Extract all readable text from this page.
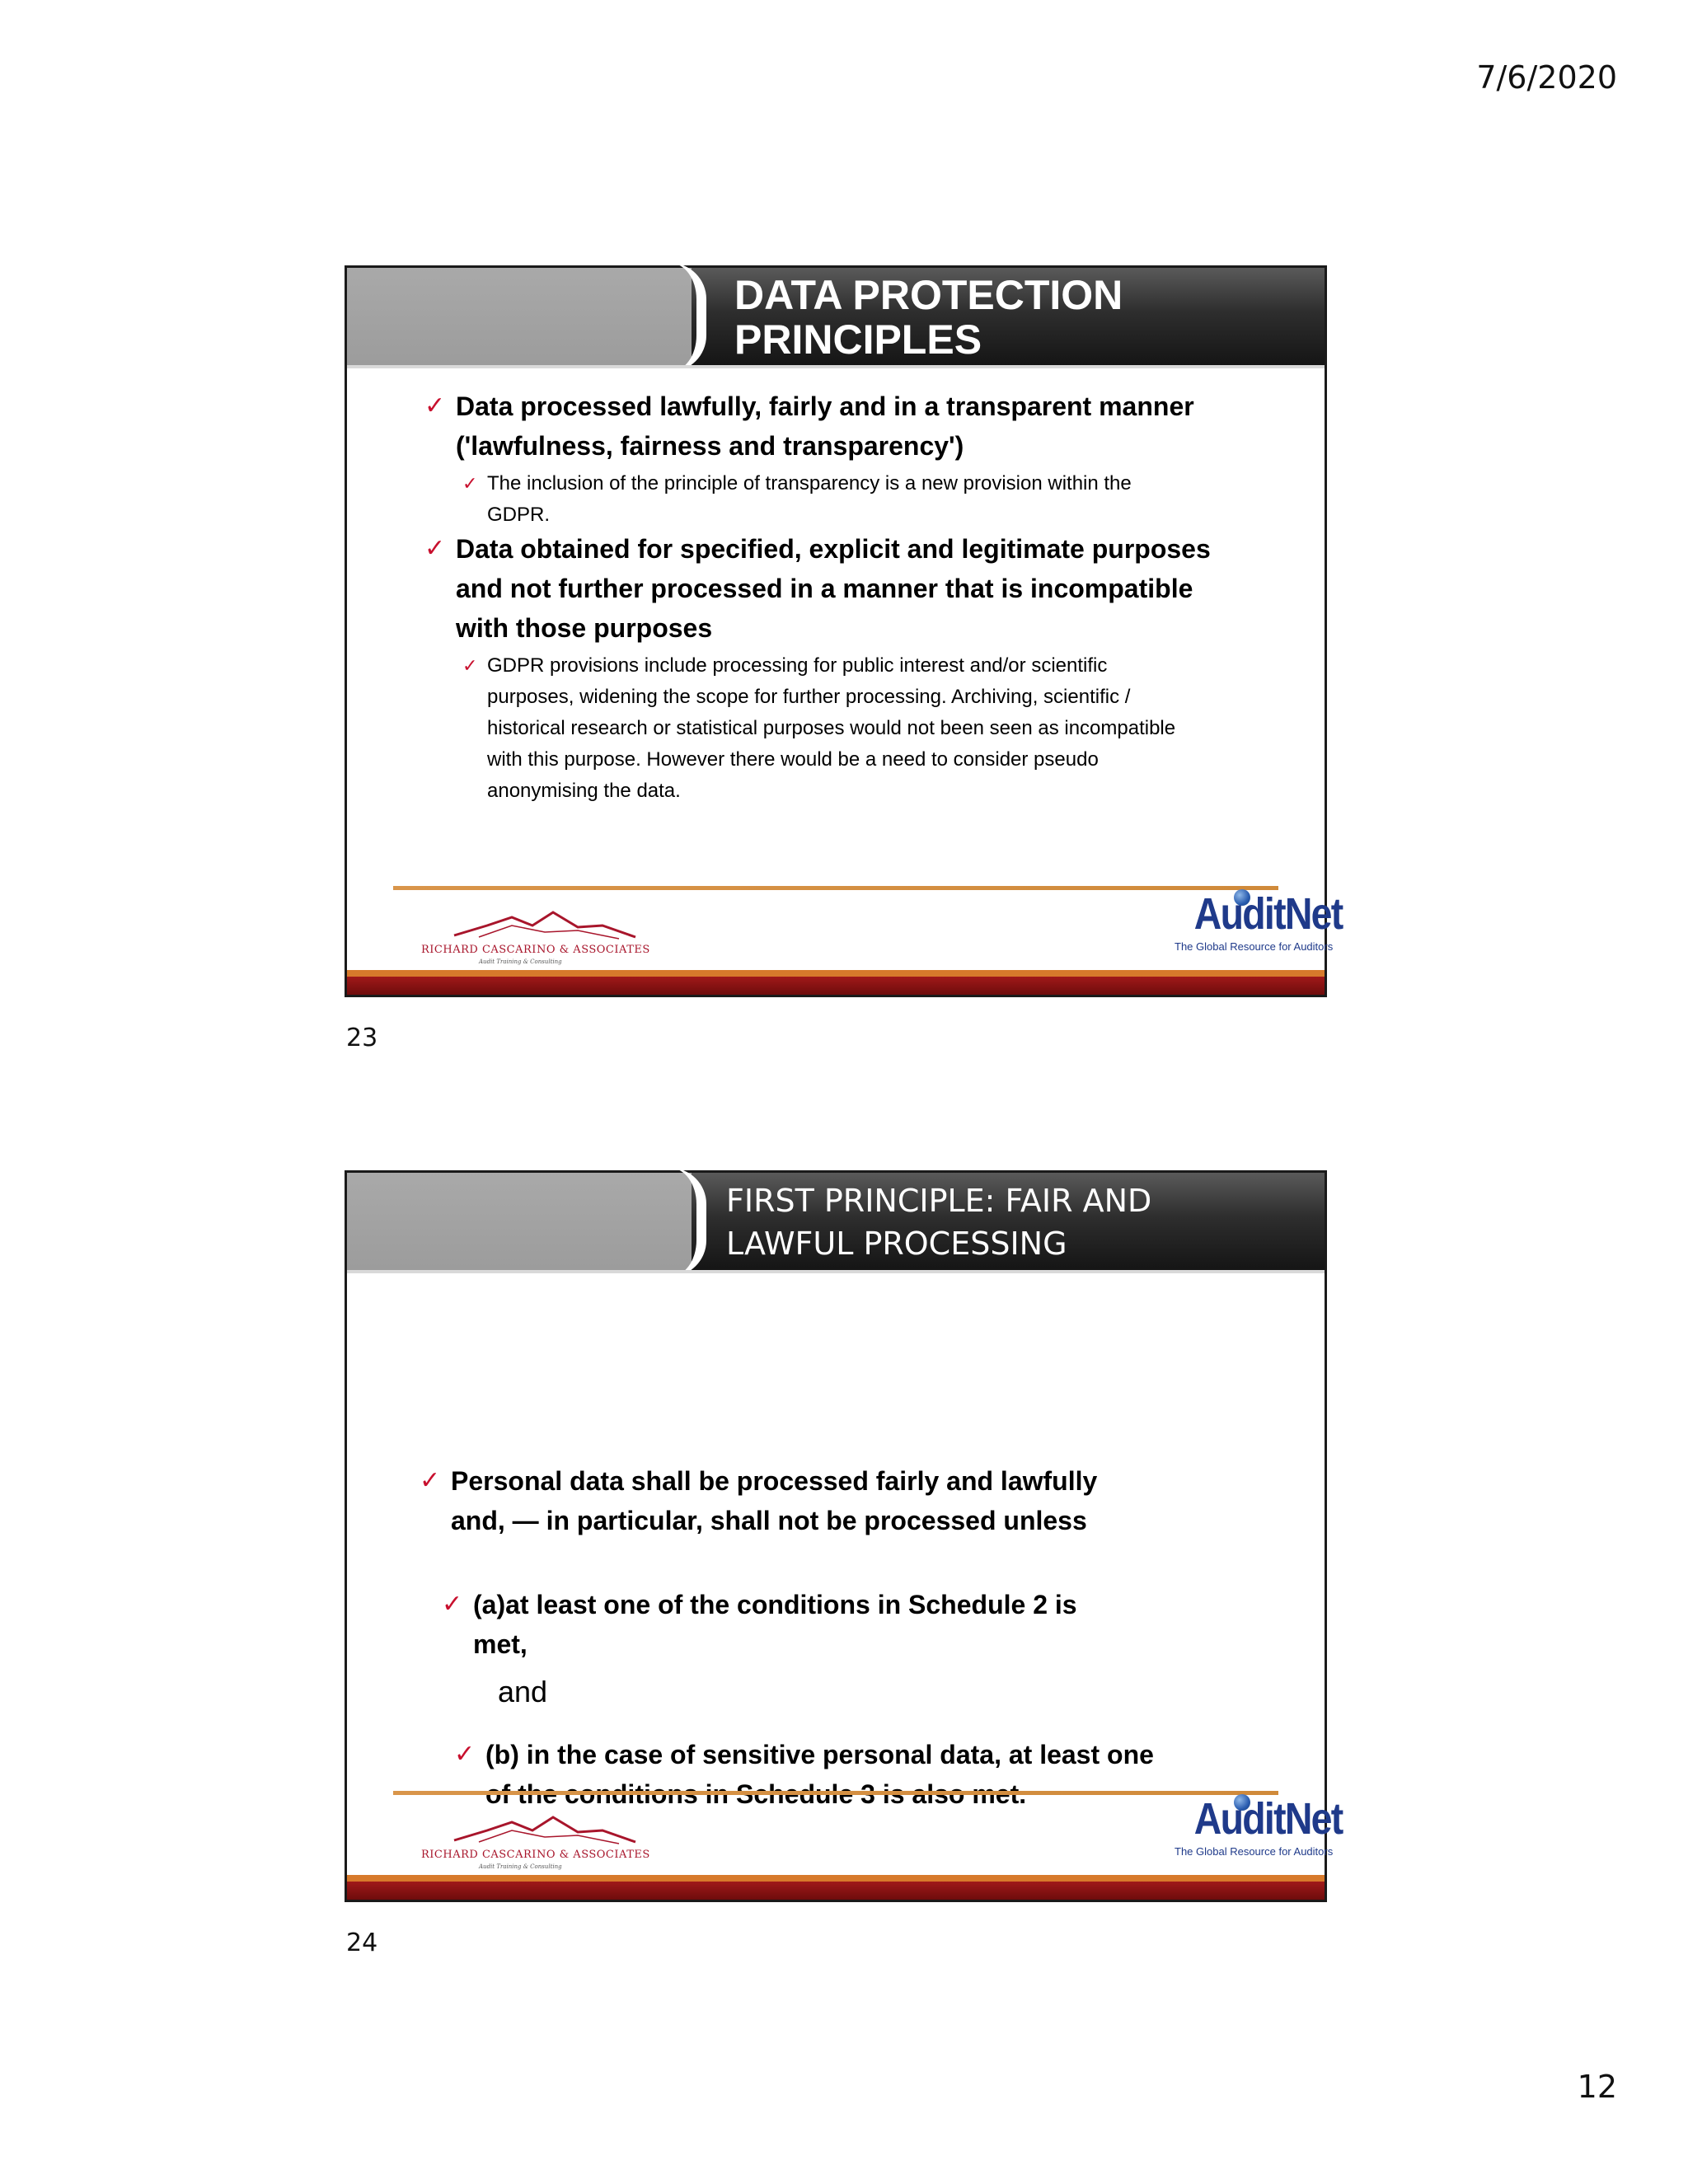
7/6/2020
DATA PROTECTION
PRINCIPLES
✓ Data processed lawfully, fairly and in a transparent manner
('lawfulness, fairness and transparency')
✓ The inclusion of the principle of transparency is a new provision within the
GDPR.
✓ Data obtained for specified, explicit and legitimate purposes
and not further processed in a manner that is incompatible
with those purposes
✓ GDPR provisions include processing for public interest and/or scientific
purposes, widening the scope for further processing. Archiving, scientific /
historical research or statistical purposes would not been seen as incompatible
with this purpose. However there would be a need to consider pseudo
anonymising the data.
RICHARD CASCARINO & ASSOCIATES
Audit Training & Consulting
AuditNet
The Global Resource for Auditors
23
FIRST PRINCIPLE: FAIR AND
LAWFUL PROCESSING
✓ Personal data shall be processed fairly and lawfully
and, — in particular, shall not be processed unless
✓ (a)at least one of the conditions in Schedule 2 is
met,
and
✓ (b) in the case of sensitive personal data, at least one
RICHARD CASCARINO & ASSOCIATES
Audit Training & Consulting
AuditNet
The Global Resource for Auditors
24
12
